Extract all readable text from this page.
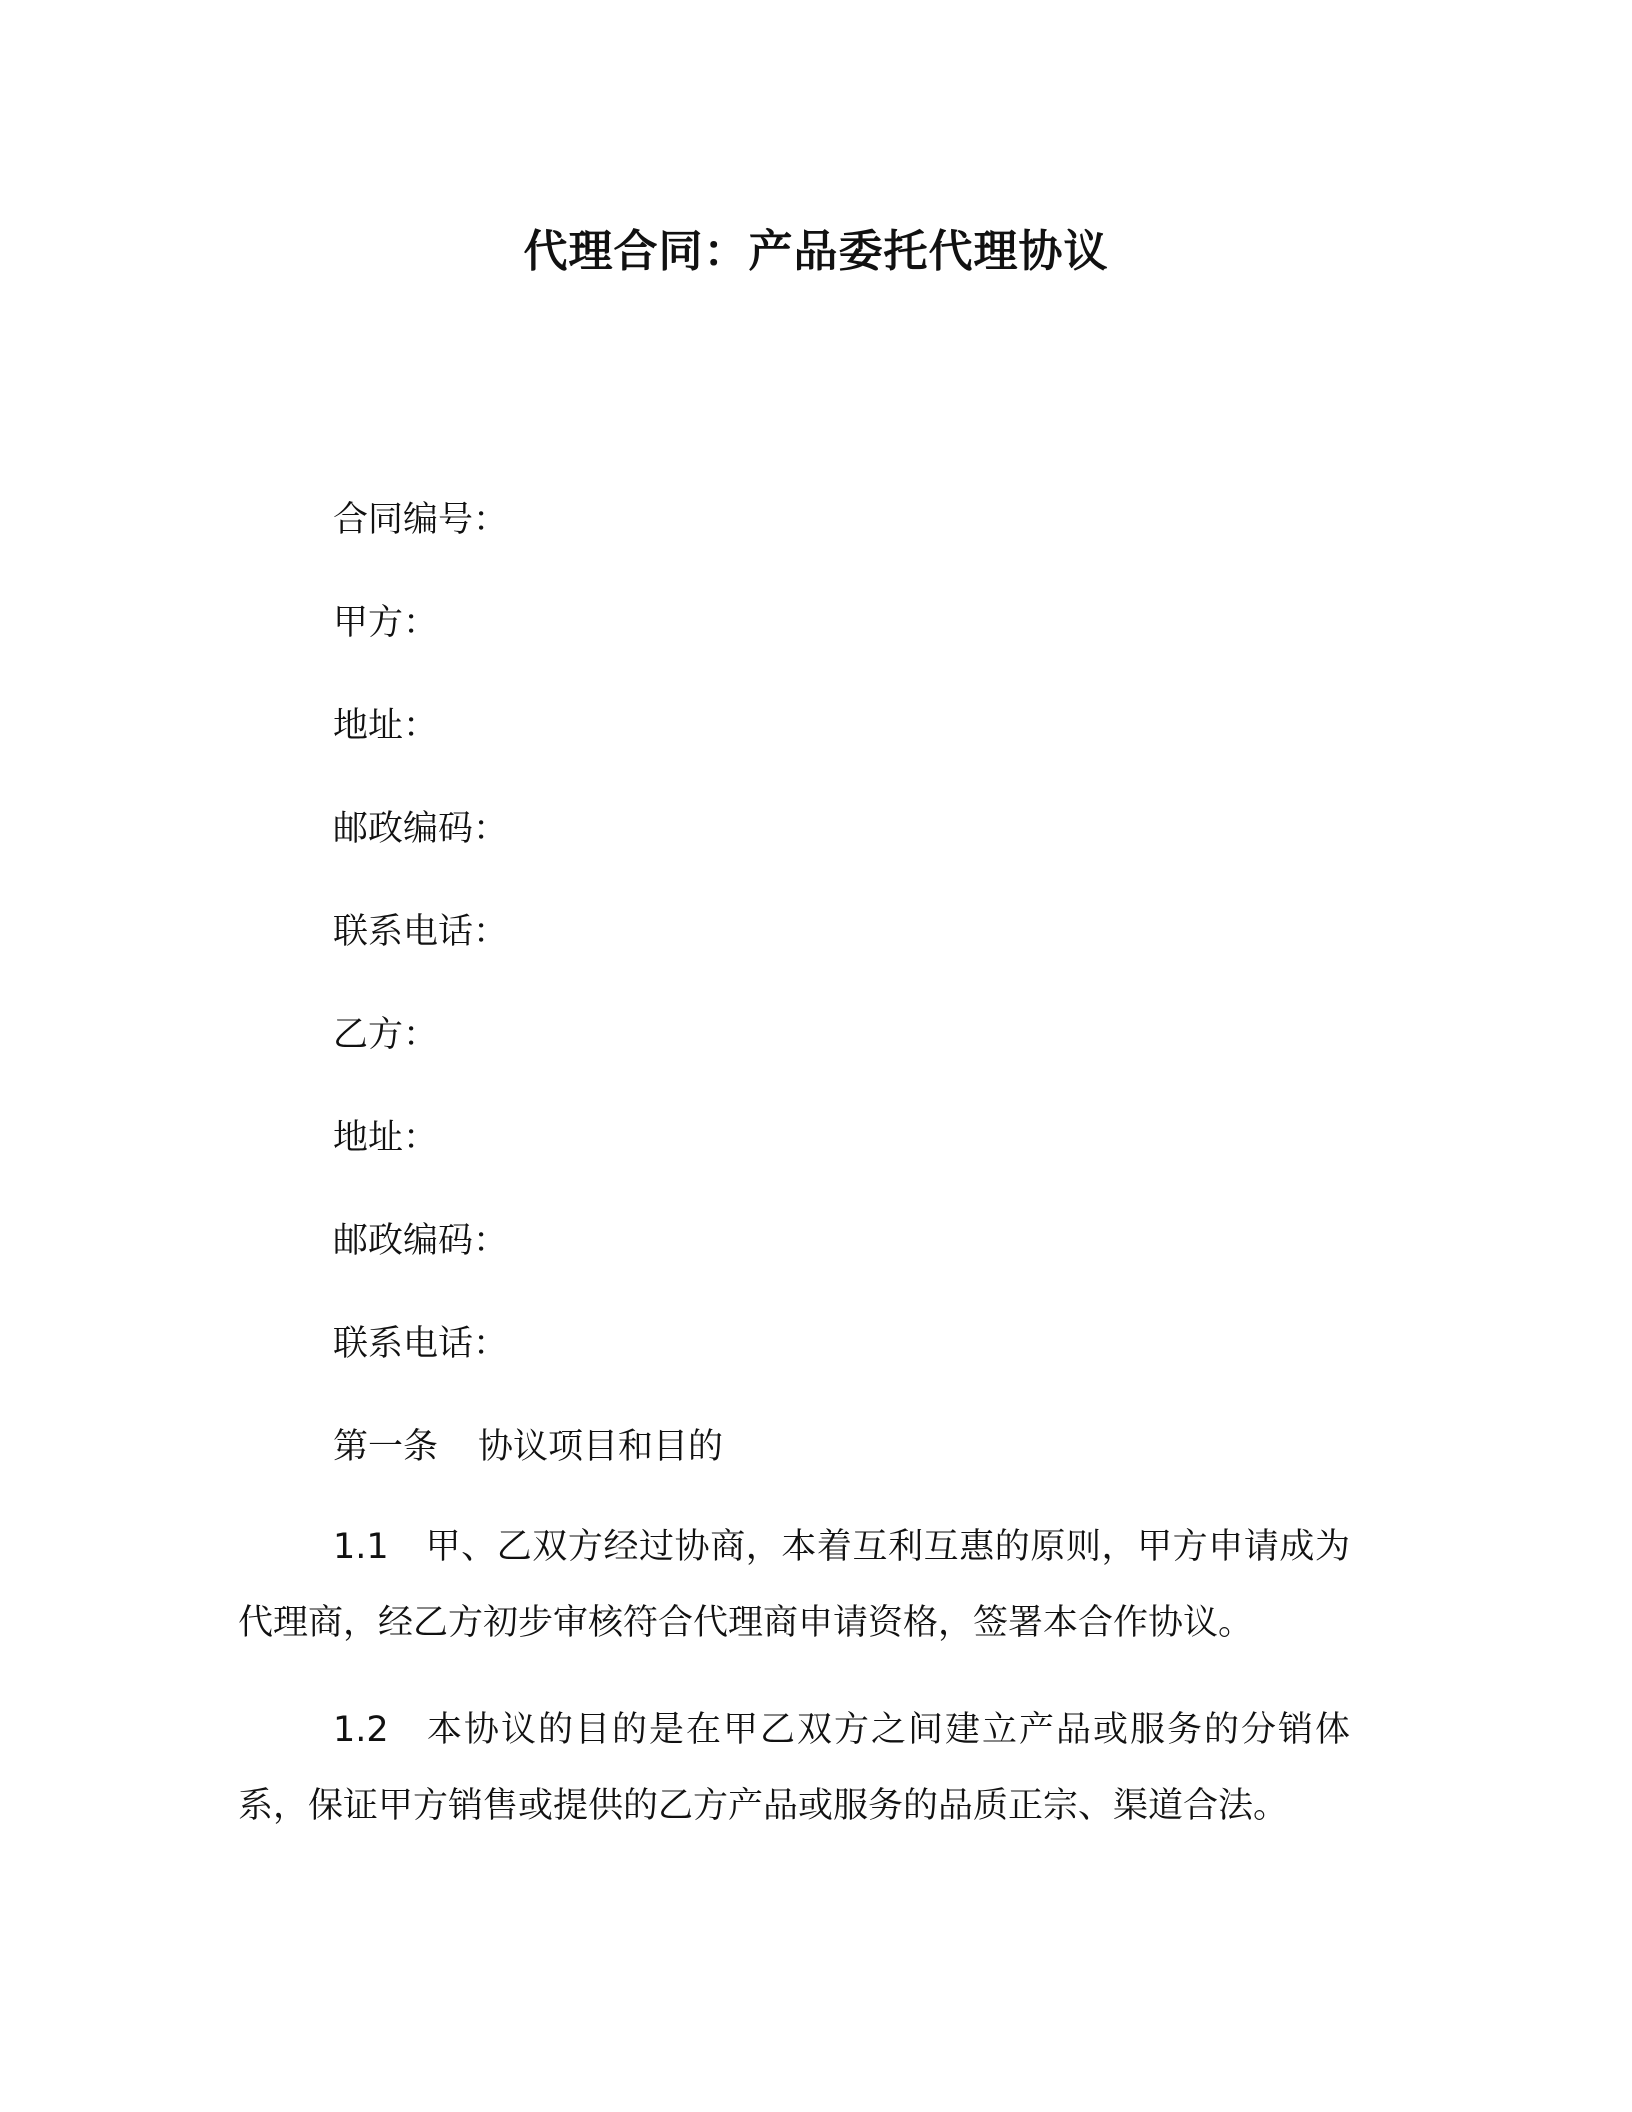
代理合同：产品委托代理协议
合同编号：
甲方：
地址：
邮政编码：
联系电话：
乙方：
地址：
邮政编码：
联系电话：
第一条 协议项目和目的
1.1 甲、乙双方经过协商，本着互利互惠的原则，甲方申请成为 代理商，经乙方初步审核符合代理商申请资格，签署本合作协议。
1.2 本协议的目的是在甲乙双方之间建立产品或服务的分销体系，保证甲方销售或提供的乙方产品或服务的品质正宗、渠道合法。
